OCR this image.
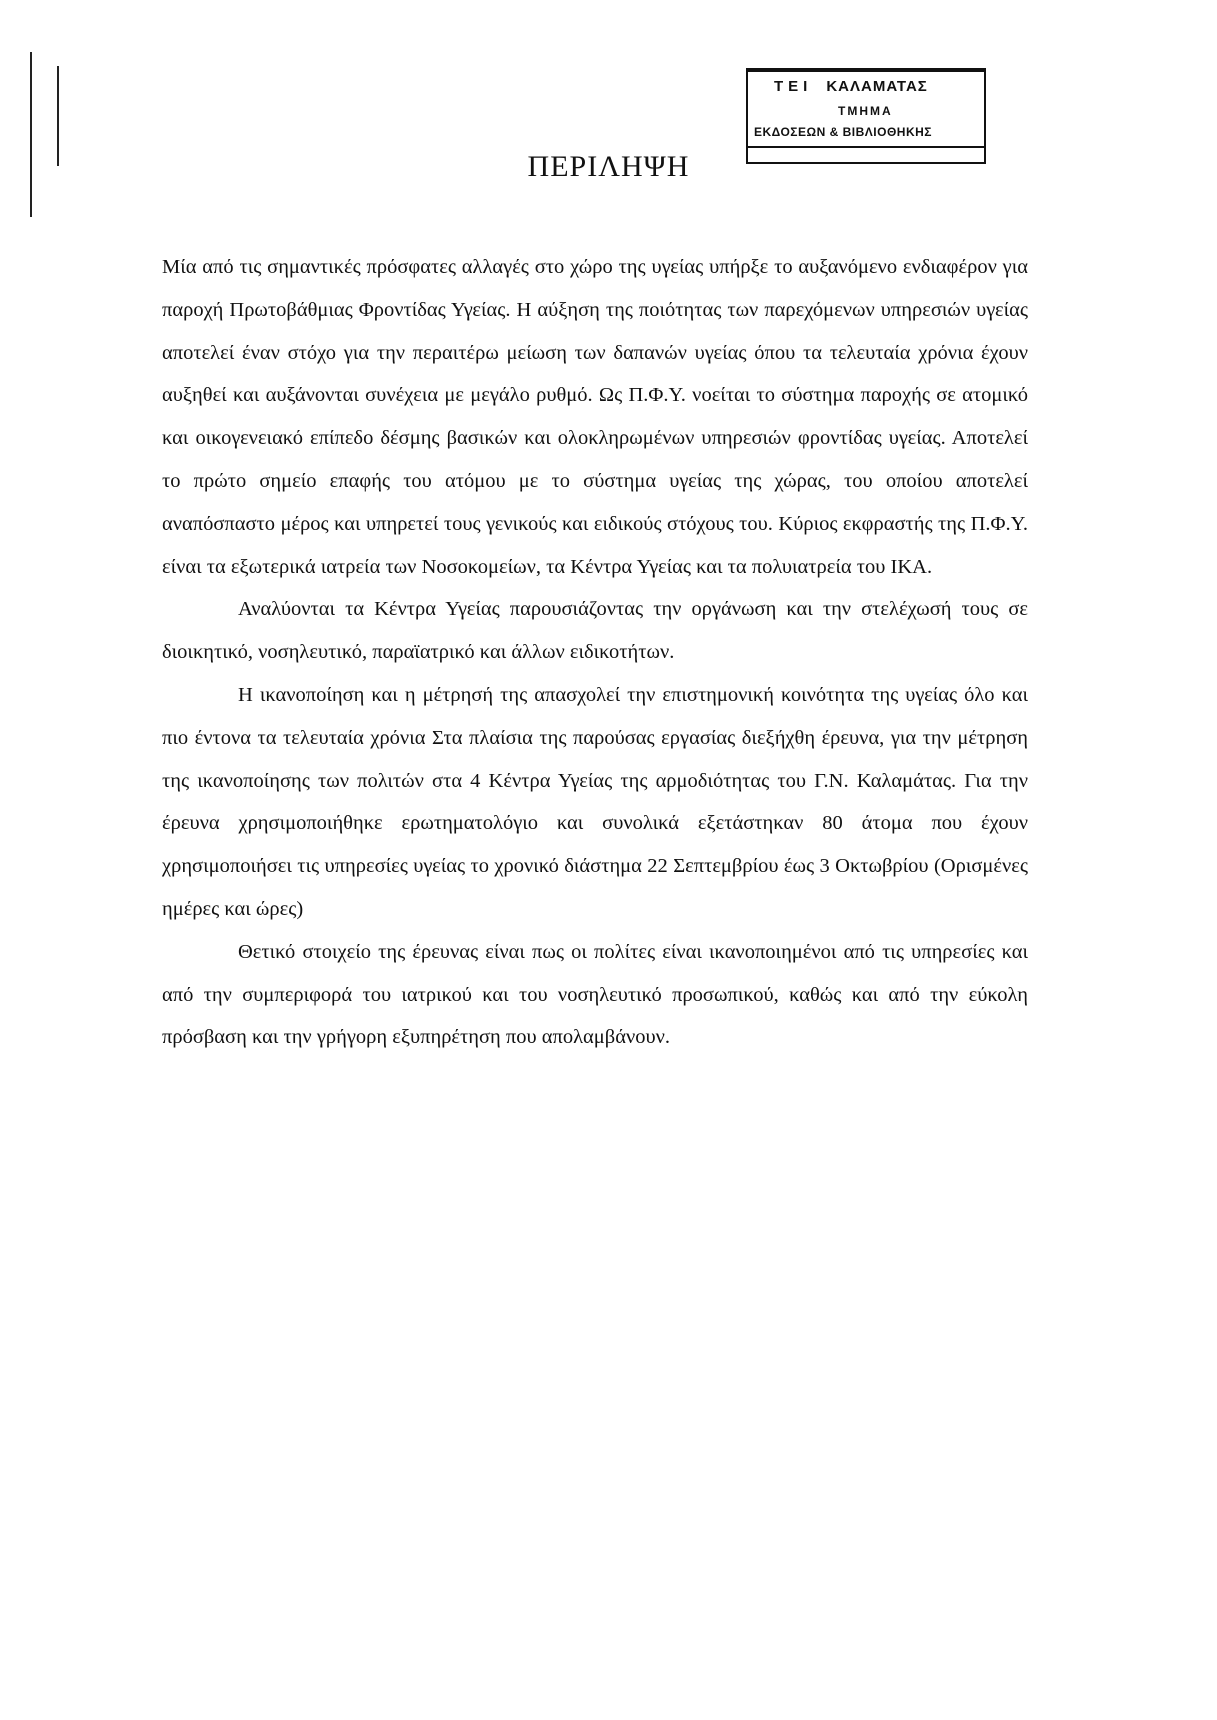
ΤΕΙ ΚΑΛΑΜΑΤΑΣ
ΤΜΗΜΑ
ΕΚΔΟΣΕΩΝ & ΒΙΒΛΙΟΘΗΚΗΣ
ΠΕΡΙΛΗΨΗ

Μία από τις σημαντικές πρόσφατες αλλαγές στο χώρο της υγείας υπήρξε το αυξανόμενο ενδιαφέρον για παροχή Πρωτοβάθμιας Φροντίδας Υγείας. Η αύξηση της ποιότητας των παρεχόμενων υπηρεσιών υγείας αποτελεί έναν στόχο για την περαιτέρω μείωση των δαπανών υγείας όπου τα τελευταία χρόνια έχουν αυξηθεί και αυξάνονται συνέχεια με μεγάλο ρυθμό. Ως Π.Φ.Υ. νοείται το σύστημα παροχής σε ατομικό και οικογενειακό επίπεδο δέσμης βασικών και ολοκληρωμένων υπηρεσιών φροντίδας υγείας. Αποτελεί το πρώτο σημείο επαφής του ατόμου με το σύστημα υγείας της χώρας, του οποίου αποτελεί αναπόσπαστο μέρος και υπηρετεί τους γενικούς και ειδικούς στόχους του. Κύριος εκφραστής της Π.Φ.Υ. είναι τα εξωτερικά ιατρεία των Νοσοκομείων, τα Κέντρα Υγείας και τα πολυιατρεία του ΙΚΑ.

Αναλύονται τα Κέντρα Υγείας παρουσιάζοντας την οργάνωση και την στελέχωσή τους σε διοικητικό, νοσηλευτικό, παραϊατρικό και άλλων ειδικοτήτων.

Η ικανοποίηση και η μέτρησή της απασχολεί την επιστημονική κοινότητα της υγείας όλο και πιο έντονα τα τελευταία χρόνια Στα πλαίσια της παρούσας εργασίας διεξήχθη έρευνα, για την μέτρηση της ικανοποίησης των πολιτών στα 4 Κέντρα Υγείας της αρμοδιότητας του Γ.Ν. Καλαμάτας. Για την έρευνα χρησιμοποιήθηκε ερωτηματολόγιο και συνολικά εξετάστηκαν 80 άτομα που έχουν χρησιμοποιήσει τις υπηρεσίες υγείας το χρονικό διάστημα 22 Σεπτεμβρίου έως 3 Οκτωβρίου (Ορισμένες ημέρες και ώρες)

Θετικό στοιχείο της έρευνας είναι πως οι πολίτες είναι ικανοποιημένοι από τις υπηρεσίες και από την συμπεριφορά του ιατρικού και του νοσηλευτικό προσωπικού, καθώς και από την εύκολη πρόσβαση και την γρήγορη εξυπηρέτηση που απολαμβάνουν.
